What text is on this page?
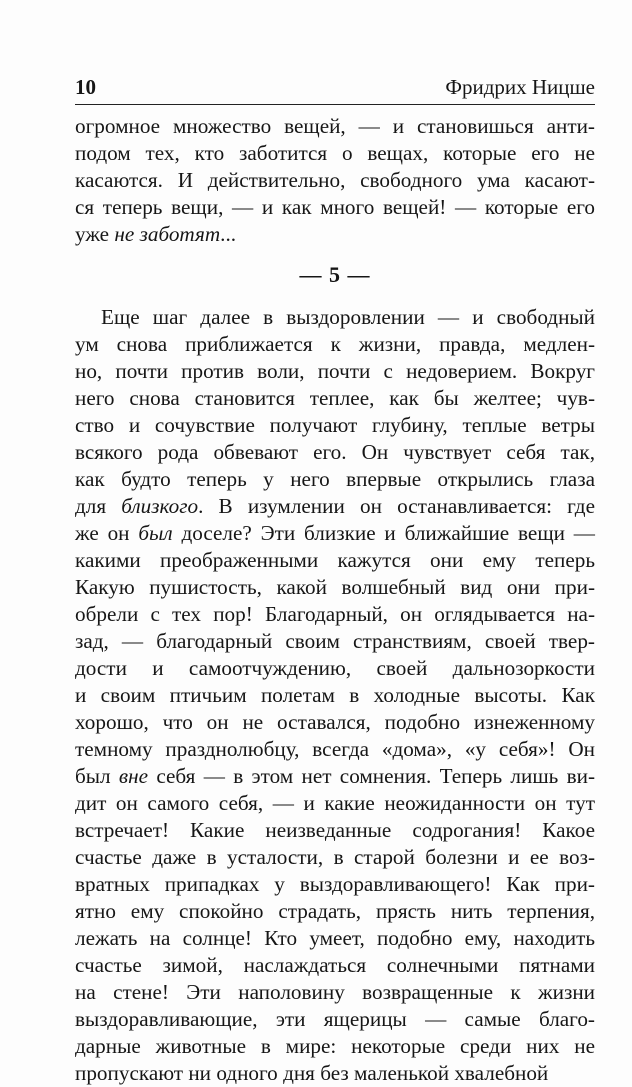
10	Фридрих Ницше
огромное множество вещей, — и становишься анти-
подом тех, кто заботится о вещах, которые его не
касаются. И действительно, свободного ума касают-
ся теперь вещи, — и как много вещей! — которые его
уже не заботят...
— 5 —
Еще шаг далее в выздоровлении — и свободный
ум снова приближается к жизни, правда, медлен-
но, почти против воли, почти с недоверием. Вокруг
него снова становится теплее, как бы желтее; чув-
ство и сочувствие получают глубину, теплые ветры
всякого рода обвевают его. Он чувствует себя так,
как будто теперь у него впервые открылись глаза
для близкого. В изумлении он останавливается: где
же он был доселе? Эти близкие и ближайшие вещи —
какими преображенными кажутся они ему теперь
Какую пушистость, какой волшебный вид они при-
обрели с тех пор! Благодарный, он оглядывается на-
зад, — благодарный своим странствиям, своей твер-
дости и самоотчуждению, своей дальнозоркости
и своим птичьим полетам в холодные высоты. Как
хорошо, что он не оставался, подобно изнеженному
темному празднолюбцу, всегда «дома», «у себя»! Он
был вне себя — в этом нет сомнения. Теперь лишь ви-
дит он самого себя, — и какие неожиданности он тут
встречает! Какие неизведанные содрогания! Какое
счастье даже в усталости, в старой болезни и ее воз-
вратных припадках у выздоравливающего! Как при-
ятно ему спокойно страдать, прясть нить терпения,
лежать на солнце! Кто умеет, подобно ему, находить
счастье зимой, наслаждаться солнечными пятнами
на стене! Эти наполовину возвращенные к жизни
выздоравливающие, эти ящерицы — самые благо-
дарные животные в мире: некоторые среди них не
пропускают ни одного дня без маленькой хвалебной
